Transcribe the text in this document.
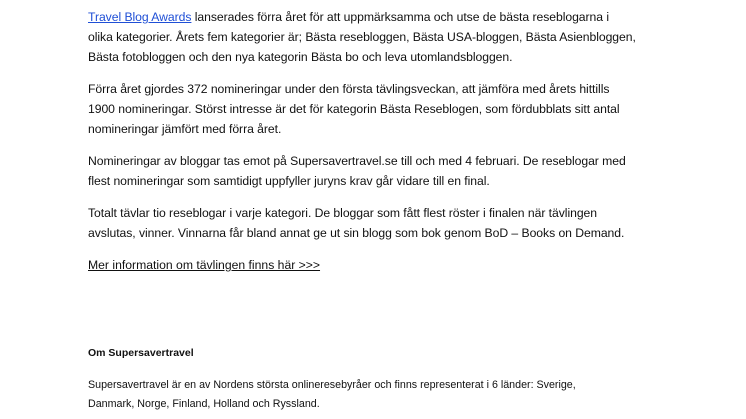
Travel Blog Awards lanserades förra året för att uppmärksamma och utse de bästa reseblogarna i
olika kategorier. Årets fem kategorier är; Bästa resebloggen, Bästa USA-bloggen, Bästa Asienbloggen,
Bästa fotobloggen och den nya kategorin Bästa bo och leva utomlandsbloggen.

Förra året gjordes 372 nomineringar under den första tävlingsveckan, att jämföra med årets hittills
1900 nomineringar. Störst intresse är det för kategorin Bästa Reseblogen, som fördubblats sitt antal
nomineringar jämfört med förra året.

Nomineringar av bloggar tas emot på Supersavertravel.se till och med 4 februari. De reseblogar med
flest nomineringar som samtidigt uppfyller juryns krav går vidare till en final.

Totalt tävlar tio reseblogar i varje kategori. De bloggar som fått flest röster i finalen när tävlingen
avslutas, vinner. Vinnarna får bland annat ge ut sin blogg som bok genom BoD – Books on Demand.

Mer information om tävlingen finns här >>>
Om Supersavertravel

Supersavertravel är en av Nordens största onlineresebyråer och finns representerat i 6 länder: Sverige,
Danmark, Norge, Finland, Holland och Ryssland.
